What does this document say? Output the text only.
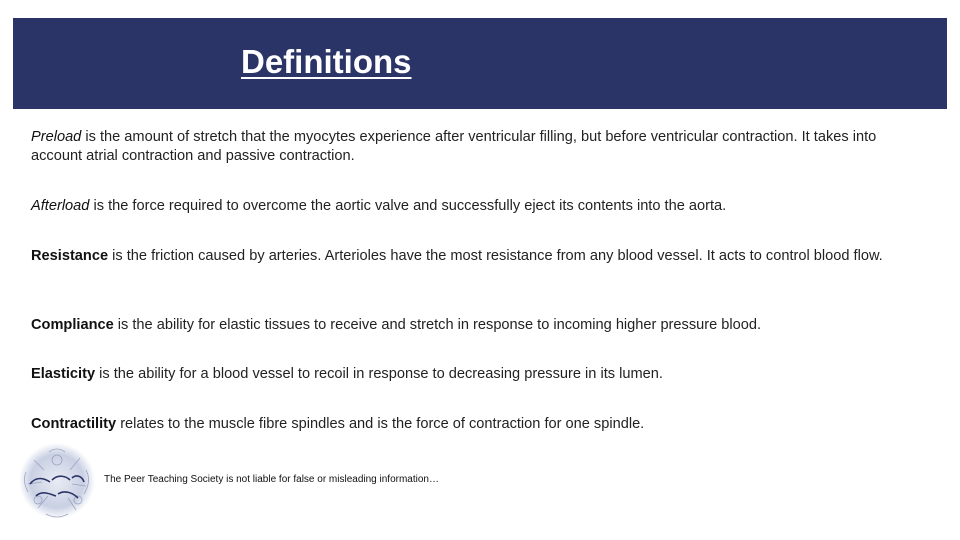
Definitions
Preload is the amount of stretch that the myocytes experience after ventricular filling, but before ventricular contraction. It takes into account atrial contraction and passive contraction.
Afterload is the force required to overcome the aortic valve and successfully eject its contents into the aorta.
Resistance is the friction caused by arteries. Arterioles have the most resistance from any blood vessel. It acts to control blood flow.
Compliance is the ability for elastic tissues to receive and stretch in response to incoming higher pressure blood.
Elasticity is the ability for a blood vessel to recoil in response to decreasing pressure in its lumen.
Contractility relates to the muscle fibre spindles and is the force of contraction for one spindle.
The Peer Teaching Society is not liable for false or misleading information…
